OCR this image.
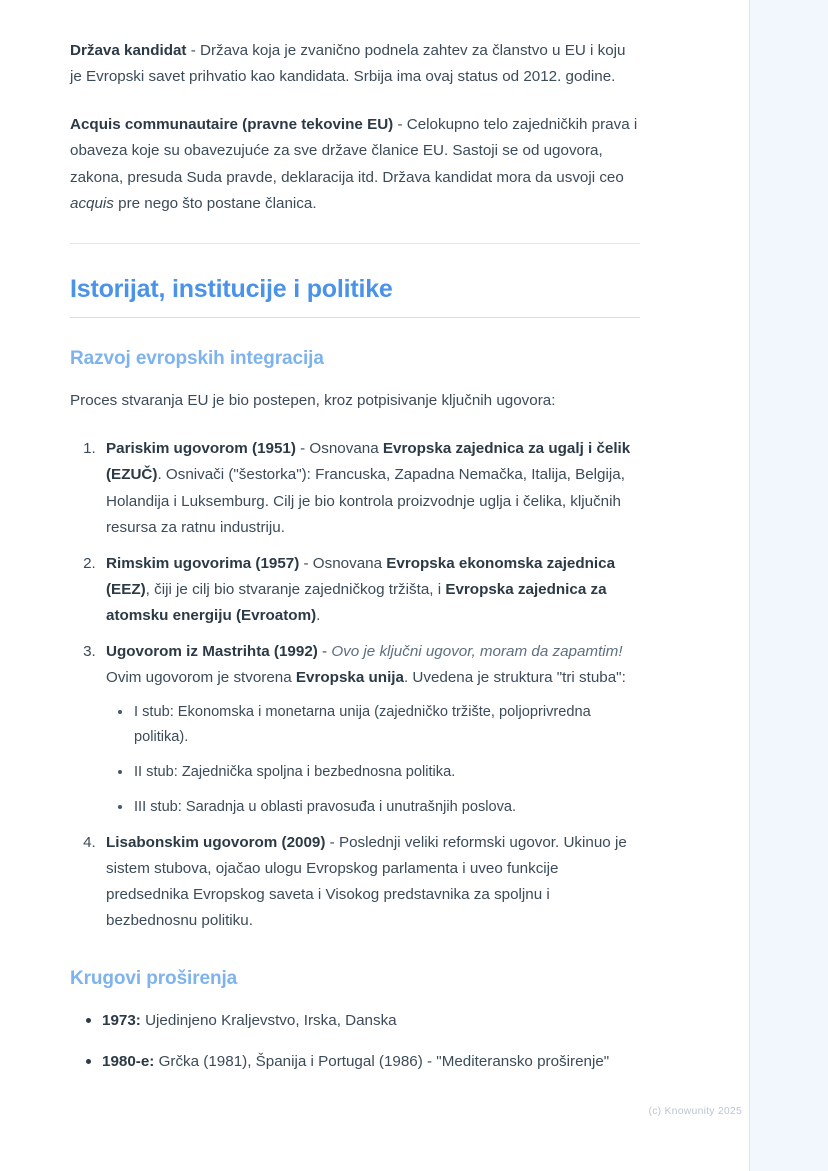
Država kandidat - Država koja je zvanično podnela zahtev za članstvo u EU i koju je Evropski savet prihvatio kao kandidata. Srbija ima ovaj status od 2012. godine.

Acquis communautaire (pravne tekovine EU) - Celokupno telo zajedničkih prava i obaveza koje su obavezujuće za sve države članice EU. Sastoji se od ugovora, zakona, presuda Suda pravde, deklaracija itd. Država kandidat mora da usvoji ceo acquis pre nego što postane članica.

Istorijat, institucije i politike
Razvoj evropskih integracija

Proces stvaranja EU je bio postepen, kroz potpisivanje ključnih ugovora:

1. Pariskim ugovorom (1951) - Osnovana Evropska zajednica za ugalj i čelik (EZUČ). Osnivači ("šestorka"): Francuska, Zapadna Nemačka, Italija, Belgija, Holandija i Luksemburg. Cilj je bio kontrola proizvodnje uglja i čelika, ključnih resursa za ratnu industriju.
2. Rimskim ugovorima (1957) - Osnovana Evropska ekonomska zajednica (EEZ), čiji je cilj bio stvaranje zajedničkog tržišta, i Evropska zajednica za atomsku energiju (Evroatom).
3. Ugovorom iz Mastrihta (1992) - Ovo je ključni ugovor, moram da zapamtim! Ovim ugovorom je stvorena Evropska unija. Uvedena je struktura "tri stuba":
I stub: Ekonomska i monetarna unija (zajedničko tržište, poljoprivredna politika).
II stub: Zajednička spoljna i bezbednosna politika.
III stub: Saradnja u oblasti pravosuđa i unutrašnjih poslova.
4. Lisabonskim ugovorom (2009) - Poslednji veliki reformski ugovor. Ukinuo je sistem stubova, ojačao ulogu Evropskog parlamenta i uveo funkcije predsednika Evropskog saveta i Visokog predstavnika za spoljnu i bezbednosnu politiku.
Krugovi proširenja
1973: Ujedinjeno Kraljevstvo, Irska, Danska
1980-e: Grčka (1981), Španija i Portugal (1986) - "Mediteransko proširenje"
(c) Knowunity 2025
